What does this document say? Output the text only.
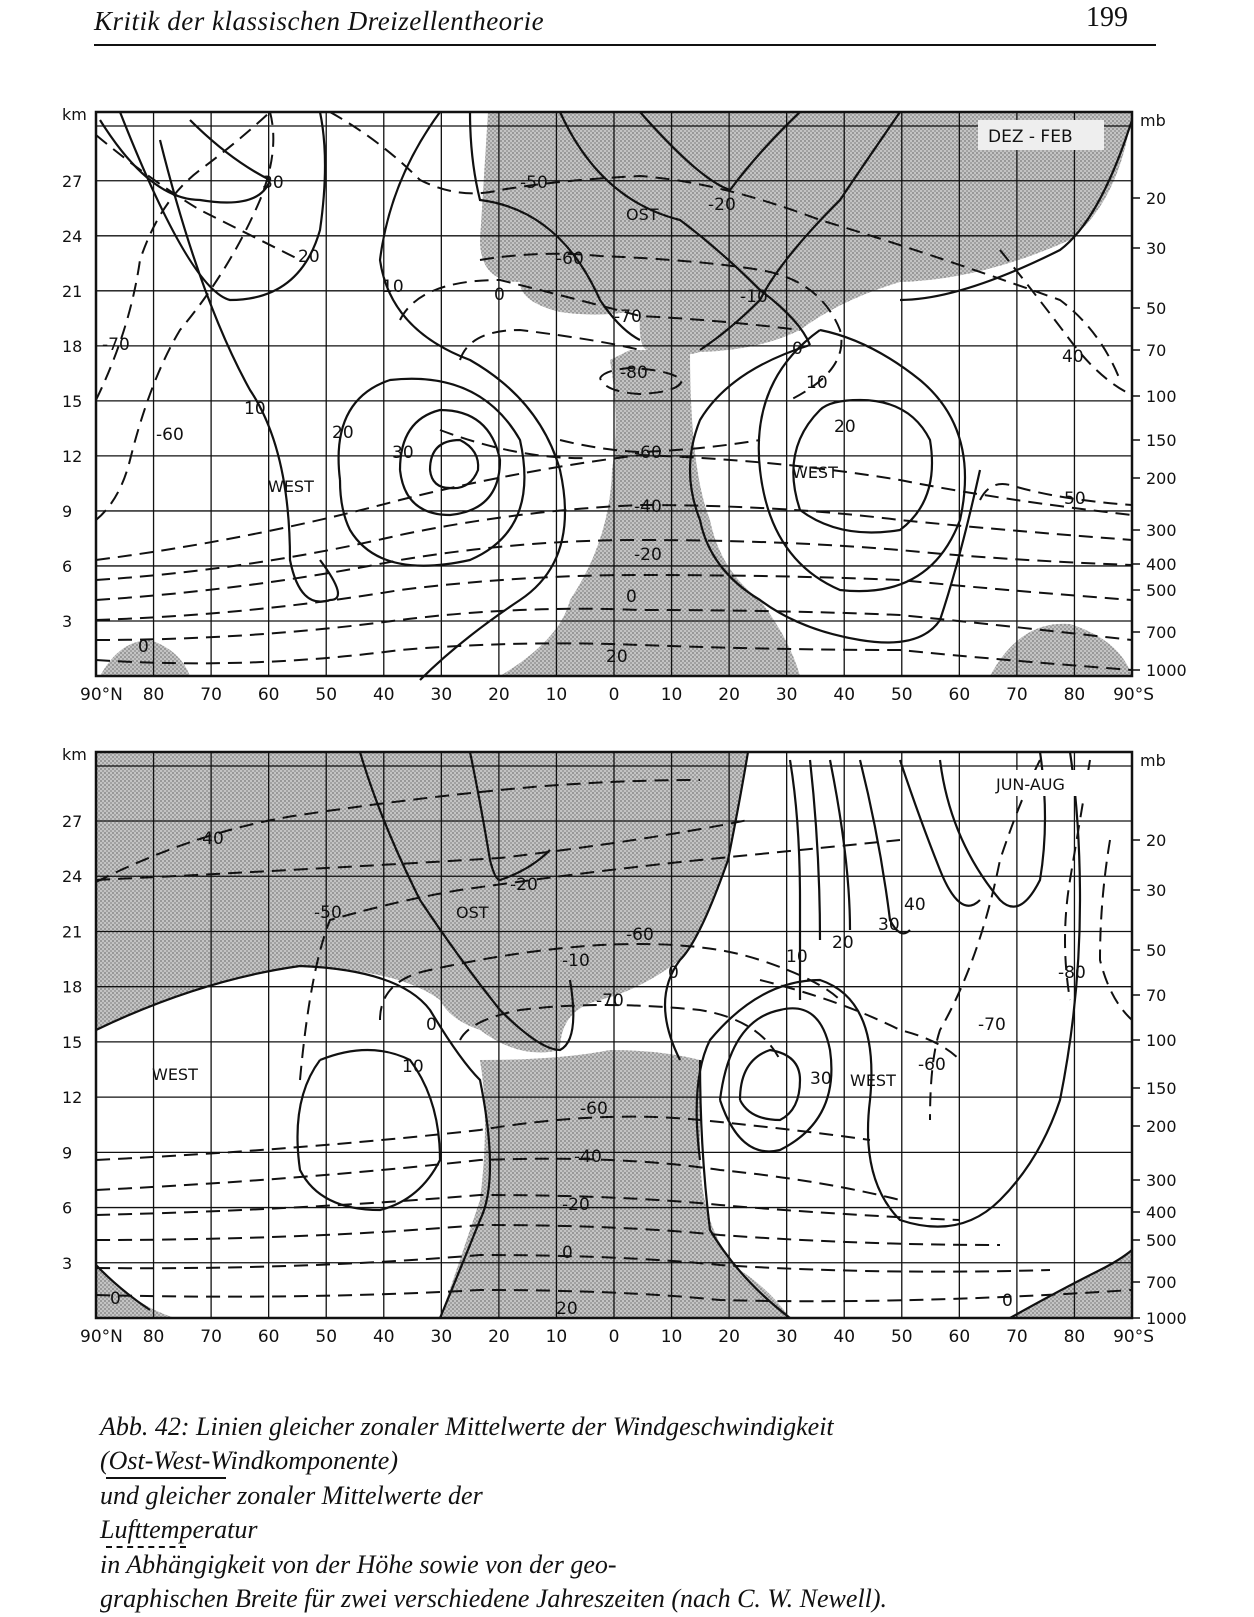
Kritik der klassischen Dreizellentheorie	199
km	mb
27
24
21
18
15
12
9
6
3
20
30
50
70
100
150
200
300
400
500
700
1000
90°N 80 70 60 50 40 30 20 10 0 10 20 30 40 50 60 70 80 90°S
DEZ - FEB
OST
WEST
WEST
30
20
10	0
-20
-10
10
10
20
30
20
0
0
-50
-60
-70
-80
-60
-40
-20
0
20
-70
-60
40
50
km	mb
27
24
21
18
15
12
9
6
3
20
30
50
70
100
150
200
300
400
500
700
1000
90°N 80 70 60 50 40 30 20 10 0 10 20 30 40 50 60 70 80 90°S
JUN-AUG
OST
WEST	WEST
-20
-10
0
0
10
10
20
30
40
30
0	0
-40
-50
-60
-70
-60
-40
-20
0
20
-60
-70
-80
Abb. 42: Linien gleicher zonaler Mittelwerte der Windgeschwindigkeit
(Ost-West-Windkomponente)
und gleicher zonaler Mittelwerte der
Lufttemperatur
in Abhängigkeit von der Höhe sowie von der geo-
graphischen Breite für zwei verschiedene Jahreszeiten (nach C. W. Newell).
